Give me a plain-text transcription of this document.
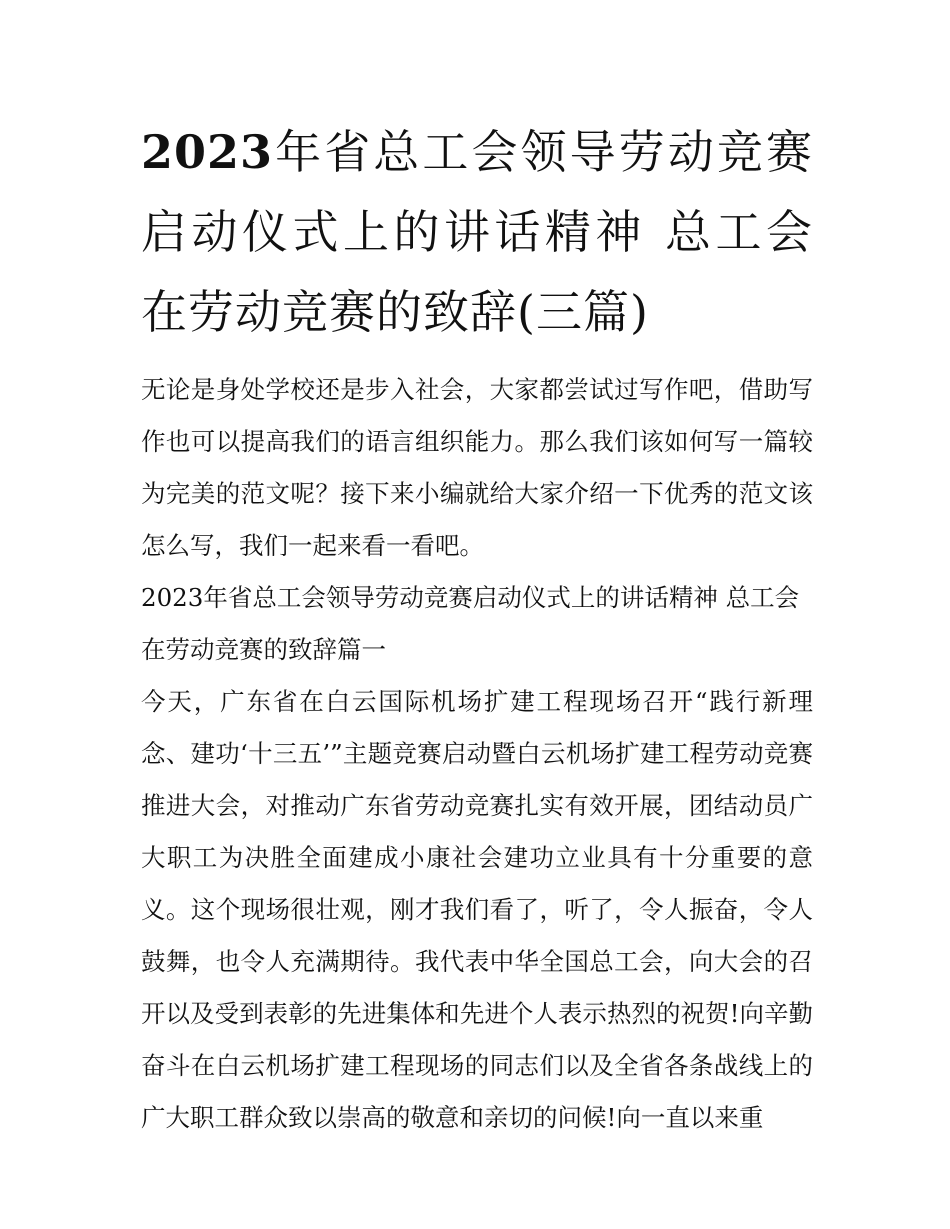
2023年省总工会领导劳动竞赛启动仪式上的讲话精神 总工会在劳动竞赛的致辞(三篇)

无论是身处学校还是步入社会，大家都尝试过写作吧，借助写作也可以提高我们的语言组织能力。那么我们该如何写一篇较为完美的范文呢？接下来小编就给大家介绍一下优秀的范文该怎么写，我们一起来看一看吧。

2023年省总工会领导劳动竞赛启动仪式上的讲话精神 总工会在劳动竞赛的致辞篇一

今天，广东省在白云国际机场扩建工程现场召开“践行新理念、建功‘十三五’”主题竞赛启动暨白云机场扩建工程劳动竞赛推进大会，对推动广东省劳动竞赛扎实有效开展，团结动员广大职工为决胜全面建成小康社会建功立业具有十分重要的意义。这个现场很壮观，刚才我们看了，听了，令人振奋，令人鼓舞，也令人充满期待。我代表中华全国总工会，向大会的召开以及受到表彰的先进集体和先进个人表示热烈的祝贺!向辛勤奋斗在白云机场扩建工程现场的同志们以及全省各条战线上的广大职工群众致以崇高的敬意和亲切的问候!向一直以来重
